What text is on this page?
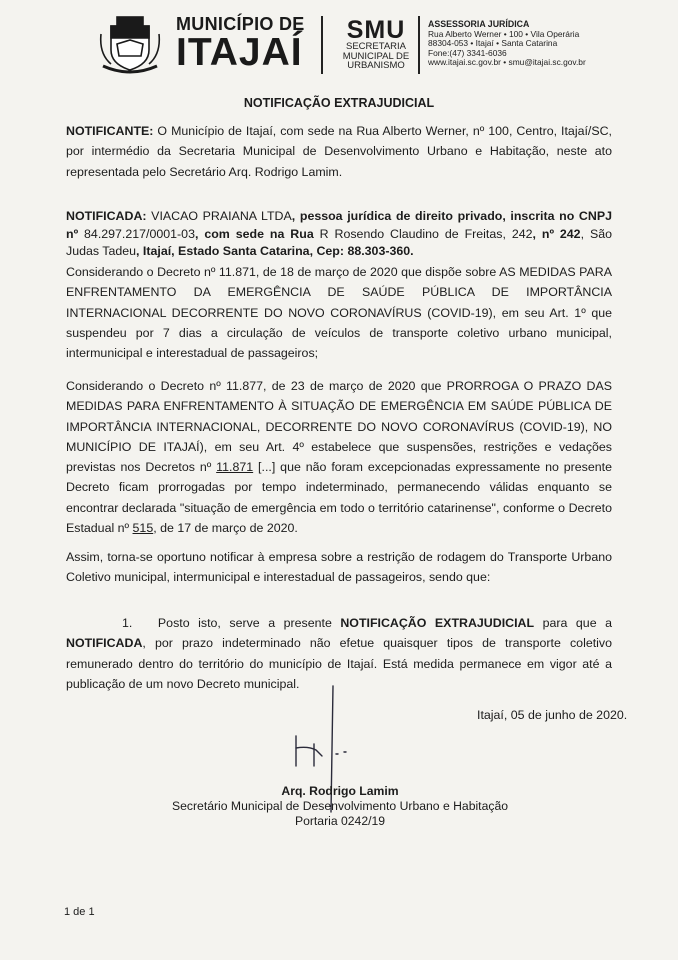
MUNICÍPIO DE
ITAJAÍ
SMU
SECRETARIA
MUNICIPAL DE
URBANISMO
ASSESSORIA JURÍDICA
Rua Alberto Werner • 100 • Vila Operária
88304-053 • Itajaí • Santa Catarina
Fone:(47) 3341-6036
www.itajai.sc.gov.br • smu@itajai.sc.gov.br
NOTIFICAÇÃO EXTRAJUDICIAL
NOTIFICANTE: O Município de Itajaí, com sede na Rua Alberto Werner, nº 100, Centro, Itajaí/SC, por intermédio da Secretaria Municipal de Desenvolvimento Urbano e Habitação, neste ato representada pelo Secretário Arq. Rodrigo Lamim.
NOTIFICADA: VIACAO PRAIANA LTDA, pessoa jurídica de direito privado, inscrita no CNPJ nº 84.297.217/0001-03, com sede na Rua R Rosendo Claudino de Freitas, 242, nº 242, São Judas Tadeu, Itajaí, Estado Santa Catarina, Cep: 88.303-360.
Considerando o Decreto nº 11.871, de 18 de março de 2020 que dispõe sobre AS MEDIDAS PARA ENFRENTAMENTO DA EMERGÊNCIA DE SAÚDE PÚBLICA DE IMPORTÂNCIA INTERNACIONAL DECORRENTE DO NOVO CORONAVÍRUS (COVID-19), em seu Art. 1º que suspendeu por 7 dias a circulação de veículos de transporte coletivo urbano municipal, intermunicipal e interestadual de passageiros;
Considerando o Decreto nº 11.877, de 23 de março de 2020 que PRORROGA O PRAZO DAS MEDIDAS PARA ENFRENTAMENTO À SITUAÇÃO DE EMERGÊNCIA EM SAÚDE PÚBLICA DE IMPORTÂNCIA INTERNACIONAL, DECORRENTE DO NOVO CORONAVÍRUS (COVID-19), NO MUNICÍPIO DE ITAJAÍ), em seu Art. 4º estabelece que suspensões, restrições e vedações previstas nos Decretos nº 11.871 [...] que não foram excepcionadas expressamente no presente Decreto ficam prorrogadas por tempo indeterminado, permanecendo válidas enquanto se encontrar declarada "situação de emergência em todo o território catarinense", conforme o Decreto Estadual nº 515, de 17 de março de 2020.
Assim, torna-se oportuno notificar à empresa sobre a restrição de rodagem do Transporte Urbano Coletivo municipal, intermunicipal e interestadual de passageiros, sendo que:
1. Posto isto, serve a presente NOTIFICAÇÃO EXTRAJUDICIAL para que a NOTIFICADA, por prazo indeterminado não efetue quaisquer tipos de transporte coletivo remunerado dentro do território do município de Itajaí. Está medida permanece em vigor até a publicação de um novo Decreto municipal.
Itajaí, 05 de junho de 2020.
Arq. Rodrigo Lamim
Secretário Municipal de Desenvolvimento Urbano e Habitação
Portaria 0242/19
1 de 1
